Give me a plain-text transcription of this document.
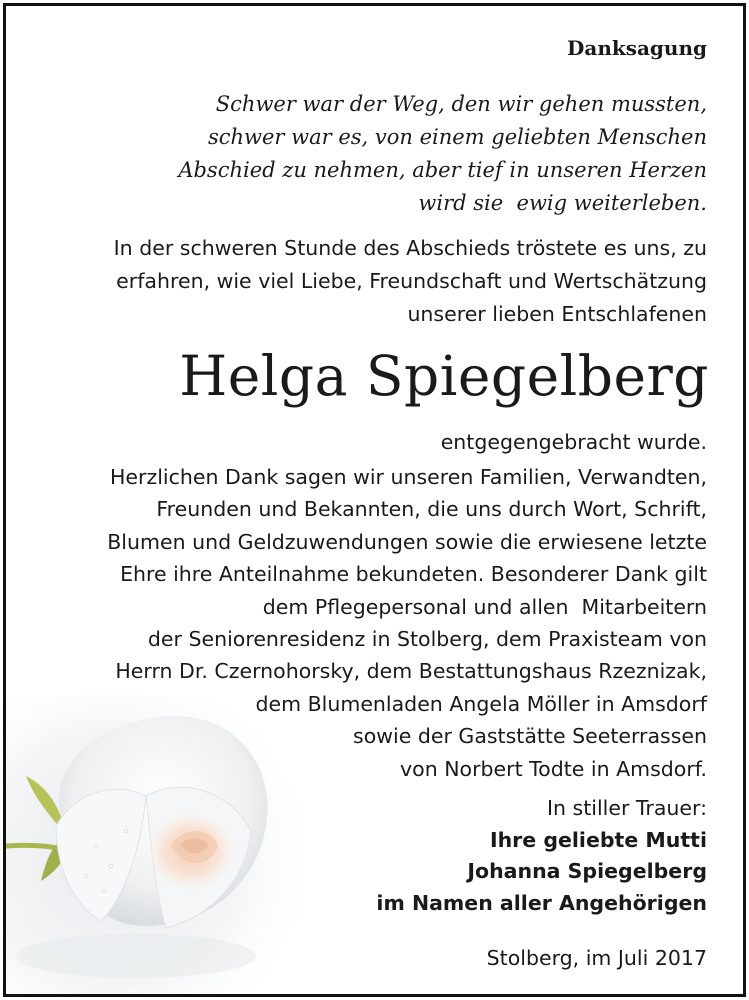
Danksagung
Schwer war der Weg, den wir gehen mussten,
schwer war es, von einem geliebten Menschen
Abschied zu nehmen, aber tief in unseren Herzen
wird sie  ewig weiterleben.
In der schweren Stunde des Abschieds tröstete es uns, zu
erfahren, wie viel Liebe, Freundschaft und Wertschätzung
unserer lieben Entschlafenen
Helga Spiegelberg
entgegengebracht wurde.
Herzlichen Dank sagen wir unseren Familien, Verwandten,
Freunden und Bekannten, die uns durch Wort, Schrift,
Blumen und Geldzuwendungen sowie die erwiesene letzte
Ehre ihre Anteilnahme bekundeten. Besonderer Dank gilt
dem Pflegepersonal und allen  Mitarbeitern
der Seniorenresidenz in Stolberg, dem Praxisteam von
Herrn Dr. Czernohorsky, dem Bestattungshaus Rzeznizak,
dem Blumenladen Angela Möller in Amsdorf
sowie der Gaststätte Seeterrassen
von Norbert Todte in Amsdorf.
In stiller Trauer:
Ihre geliebte Mutti
Johanna Spiegelberg
im Namen aller Angehörigen
Stolberg, im Juli 2017
